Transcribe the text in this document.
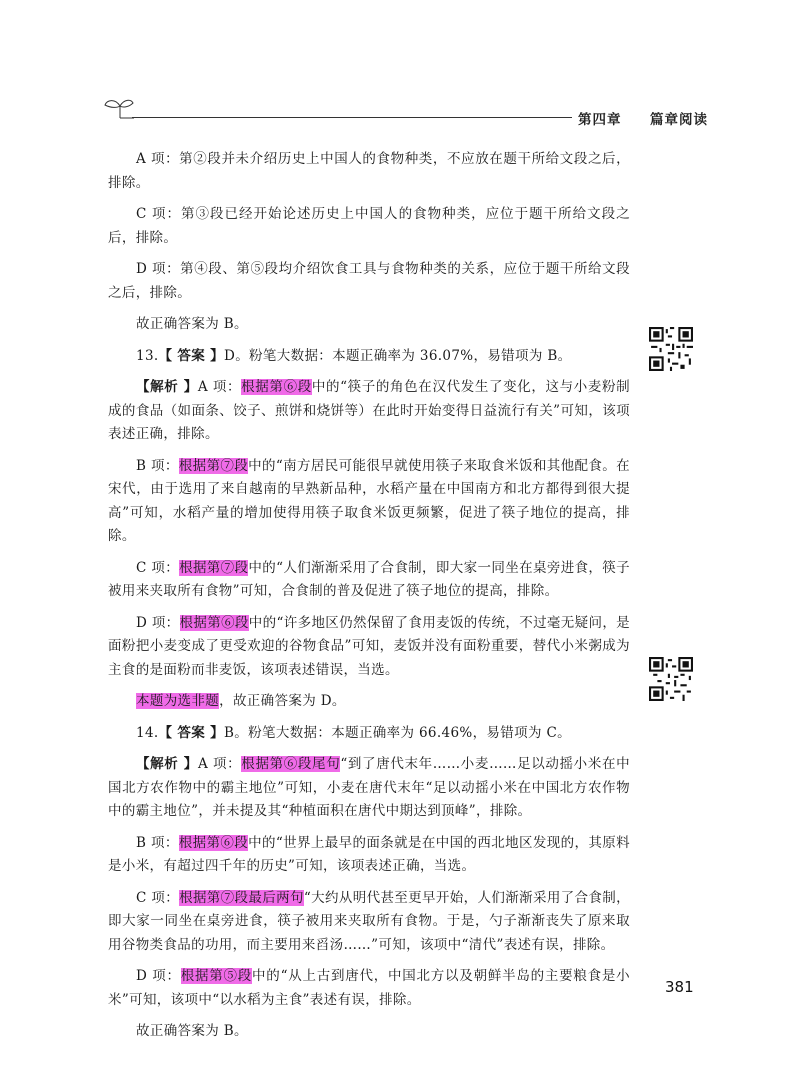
第四章 篇章阅读

A 项：第②段并未介绍历史上中国人的食物种类，不应放在题干所给文段之后，排除。

C 项：第③段已经开始论述历史上中国人的食物种类，应位于题干所给文段之后，排除。

D 项：第④段、第⑤段均介绍饮食工具与食物种类的关系，应位于题干所给文段之后，排除。

故正确答案为 B。

13.【 答案 】D。粉笔大数据：本题正确率为 36.07%，易错项为 B。

【解析 】A 项：根据第⑥段中的“筷子的角色在汉代发生了变化，这与小麦粉制成的食品（如面条、饺子、煎饼和烧饼等）在此时开始变得日益流行有关”可知，该项表述正确，排除。

B 项：根据第⑦段中的“南方居民可能很早就使用筷子来取食米饭和其他配食。在宋代，由于选用了来自越南的早熟新品种，水稻产量在中国南方和北方都得到很大提高”可知，水稻产量的增加使得用筷子取食米饭更频繁，促进了筷子地位的提高，排除。

C 项：根据第⑦段中的“人们渐渐采用了合食制，即大家一同坐在桌旁进食，筷子被用来夹取所有食物”可知，合食制的普及促进了筷子地位的提高，排除。

D 项：根据第⑥段中的“许多地区仍然保留了食用麦饭的传统，不过毫无疑问，是面粉把小麦变成了更受欢迎的谷物食品”可知，麦饭并没有面粉重要，替代小米粥成为主食的是面粉而非麦饭，该项表述错误，当选。

本题为选非题，故正确答案为 D。

14.【 答案 】B。粉笔大数据：本题正确率为 66.46%，易错项为 C。

【解析 】A 项：根据第⑥段尾句“到了唐代末年……小麦……足以动摇小米在中国北方农作物中的霸主地位”可知，小麦在唐代末年“足以动摇小米在中国北方农作物中的霸主地位”，并未提及其“种植面积在唐代中期达到顶峰”，排除。

B 项：根据第⑥段中的“世界上最早的面条就是在中国的西北地区发现的，其原料是小米，有超过四千年的历史”可知，该项表述正确，当选。

C 项：根据第⑦段最后两句“大约从明代甚至更早开始，人们渐渐采用了合食制，即大家一同坐在桌旁进食，筷子被用来夹取所有食物。于是，勺子渐渐丧失了原来取用谷物类食品的功用，而主要用来舀汤……”可知，该项中“清代”表述有误，排除。

D 项：根据第⑤段中的“从上古到唐代，中国北方以及朝鲜半岛的主要粮食是小米”可知，该项中“以水稻为主食”表述有误，排除。

故正确答案为 B。

381
